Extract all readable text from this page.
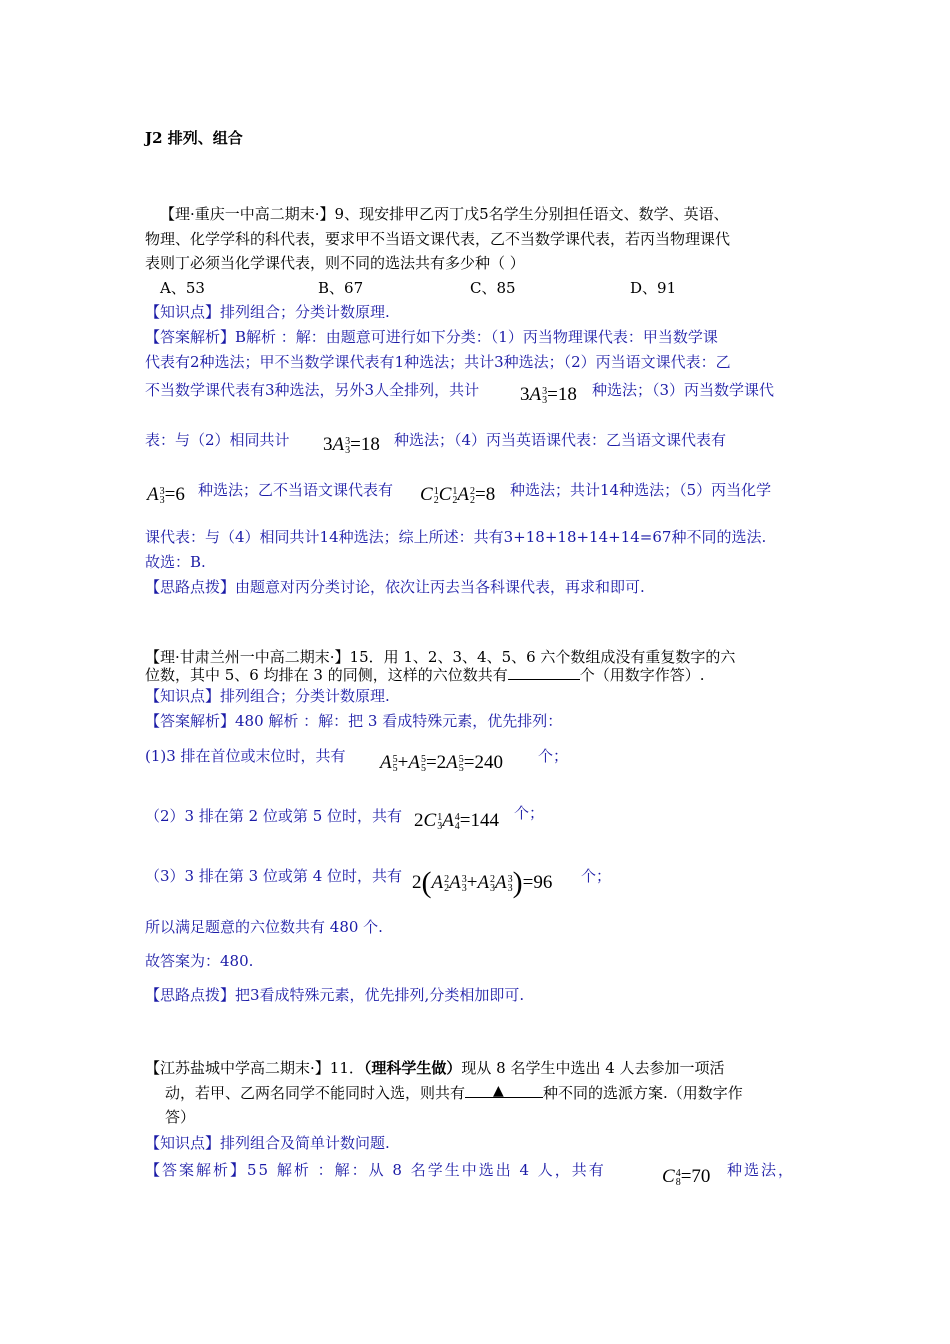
J2 排列、组合
【理·重庆一中高二期末·】9、现安排甲乙丙丁戊5名学生分别担任语文、数学、英语、
物理、化学学科的科代表，要求甲不当语文课代表，乙不当数学课代表，若丙当物理课代
表则丁必须当化学课代表，则不同的选法共有多少种（ ）
A、53	B、67	C、85	D、91
【知识点】排列组合；分类计数原理.
【答案解析】B解析 ：解：由题意可进行如下分类：（1）丙当物理课代表：甲当数学课
代表有2种选法；甲不当数学课代表有1种选法；共计3种选法；（2）丙当语文课代表：乙
不当数学课代表有3种选法，另外3人全排列，共计 3A 3
3 =18 种选法；（3）丙当数学课代
表：与（2）相同共计 3A 3
3 =18 种选法；（4）丙当英语课代表：乙当语文课代表有
A 3
3 =6 种选法；乙不当语文课代表有 C 1
2 C 1
2 A 2
2 =8 种选法；共计14种选法；（5）丙当化学
课代表：与（4）相同共计14种选法；综上所述：共有3+18+18+14+14=67种不同的选法.
故选：B.
【思路点拨】由题意对丙分类讨论，依次让丙去当各科课代表，再求和即可.
【理·甘肃兰州一中高二期末·】15．用 1、2、3、4、5、6 六个数组成没有重复数字的六
位数，其中 5、6 均排在 3 的同侧，这样的六位数共有	个（用数字作答）.
【知识点】排列组合；分类计数原理.
【答案解析】480 解析 ：解：把 3 看成特殊元素，优先排列：
(1)3 排在首位或末位时，共有 A 5
5 +A 5
5 =2A 5
5 =240 个；
（2）3 排在第 2 位或第 5 位时，共有 2C 1
3 A 4
4 =144 个；
（3）3 排在第 3 位或第 4 位时，共有 2(A 2
2 A 3
3 +A 2
3 A 3
3 )=96 个；
所以满足题意的六位数共有 480 个.
故答案为：480.
【思路点拨】把3看成特殊元素，优先排列,分类相加即可.
【江苏盐城中学高二期末·】11．（理科学生做）现从 8 名学生中选出 4 人去参加一项活
动，若甲、乙两名同学不能同时入选，则共有 ▲	种不同的选派方案.（用数字作
答）
【知识点】排列组合及简单计数问题.
【答案解析】55 解析 ：解：从 8 名学生中选出 4 人，共有	C 4
8 =70 种选法，
